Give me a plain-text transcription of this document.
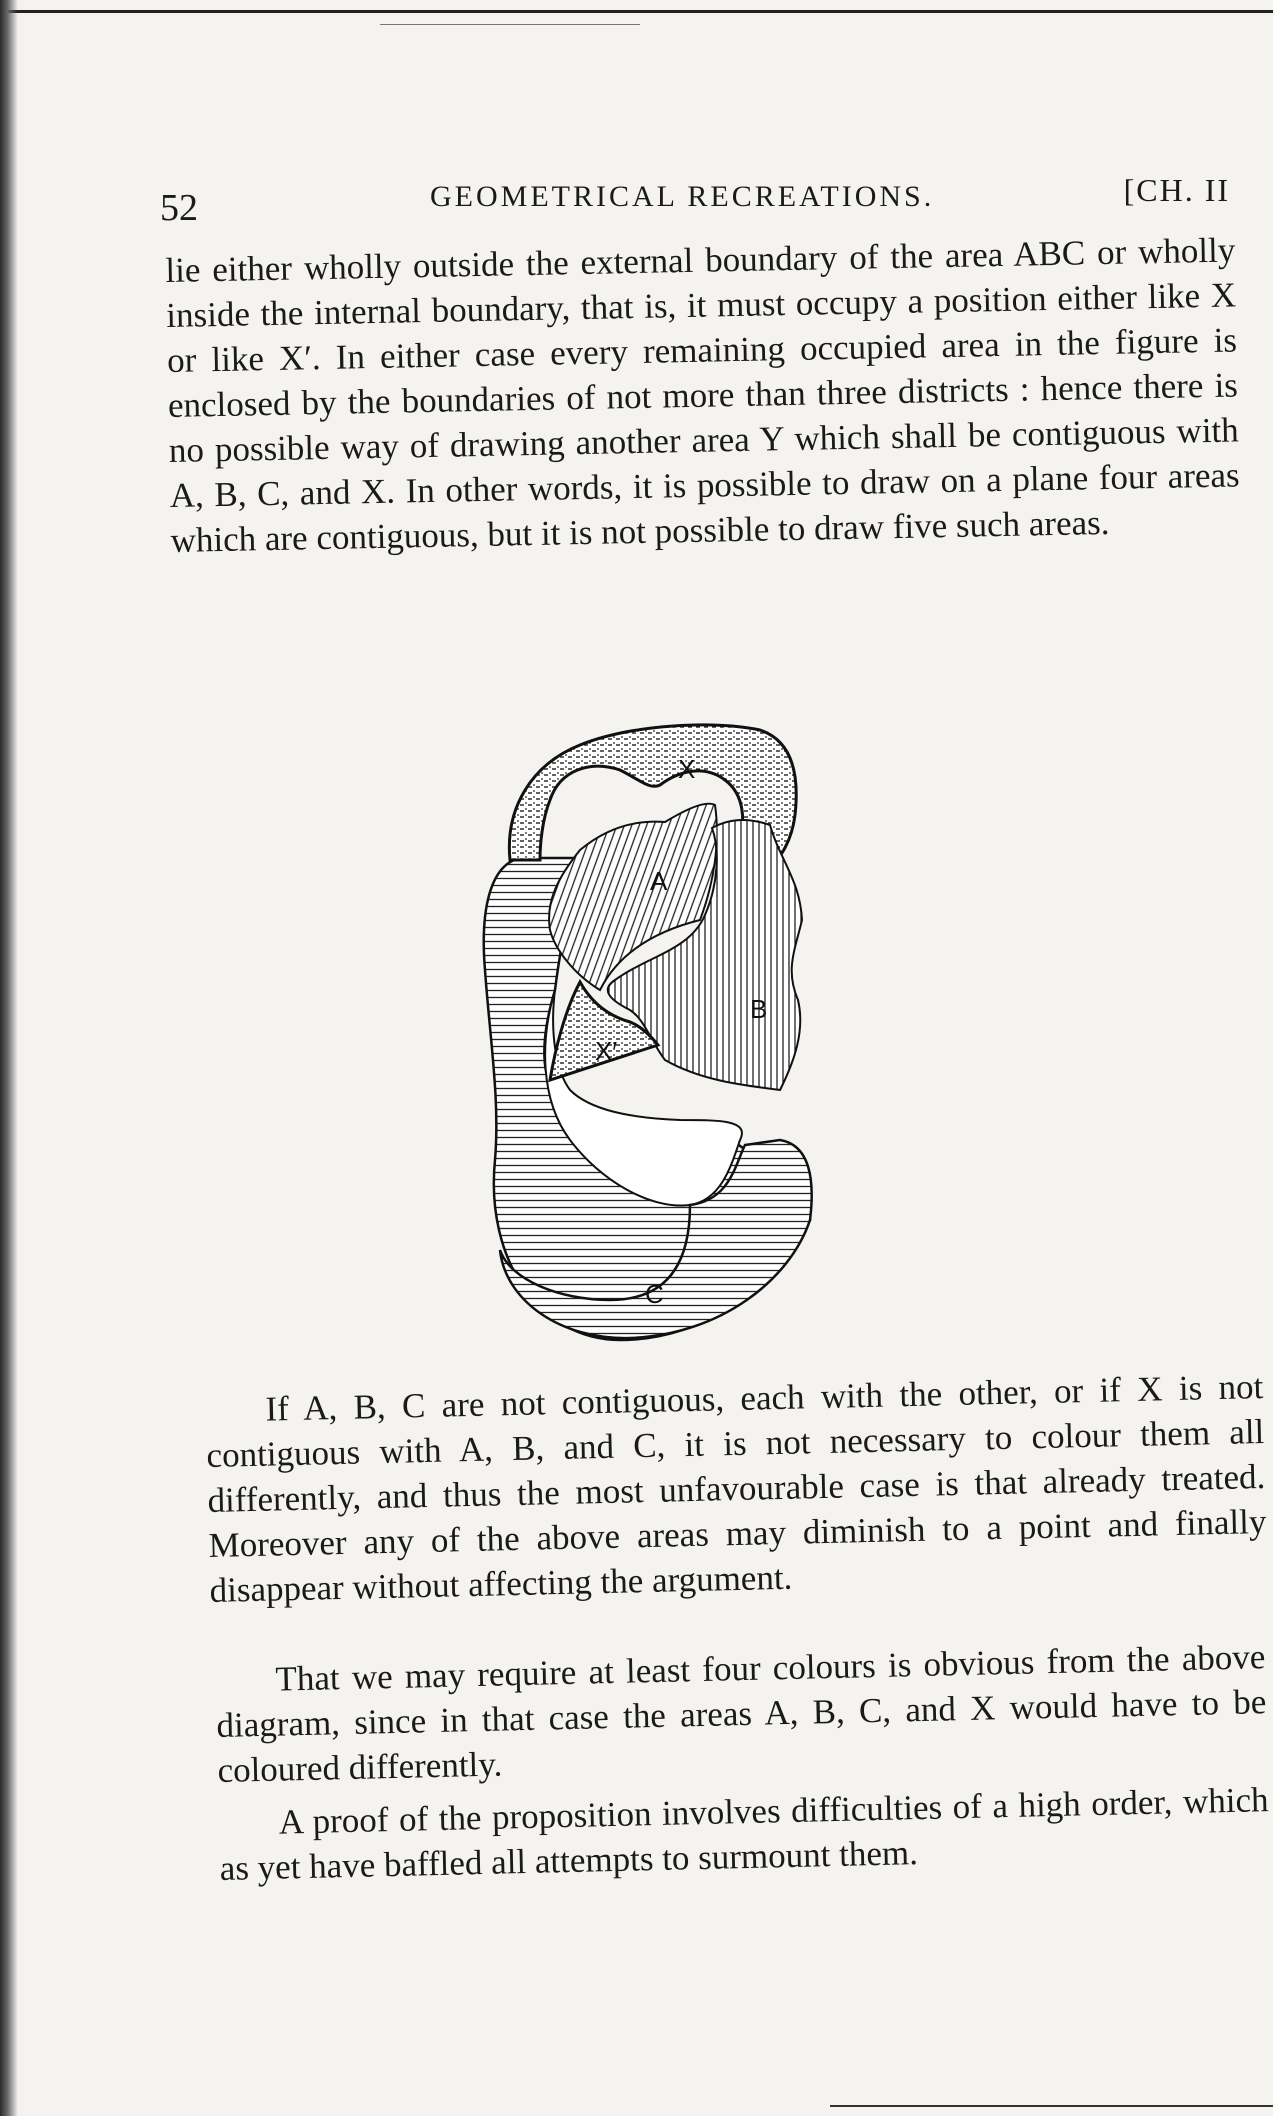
52	GEOMETRICAL RECREATIONS.	[CH. II

lie either wholly outside the external boundary of the area ABC or wholly inside the internal boundary, that is, it must occupy a position either like X or like X′. In either case every remaining occupied area in the figure is enclosed by the boundaries of not more than three districts : hence there is no possible way of drawing another area Y which shall be contiguous with A, B, C, and X. In other words, it is possible to draw on a plane four areas which are contiguous, but it is not possible to draw five such areas.

X
A
B
X′
C

If A, B, C are not contiguous, each with the other, or if X is not contiguous with A, B, and C, it is not necessary to colour them all differently, and thus the most unfavourable case is that already treated. Moreover any of the above areas may diminish to a point and finally disappear without affecting the argument.

That we may require at least four colours is obvious from the above diagram, since in that case the areas A, B, C, and X would have to be coloured differently.

A proof of the proposition involves difficulties of a high order, which as yet have baffled all attempts to surmount them.
